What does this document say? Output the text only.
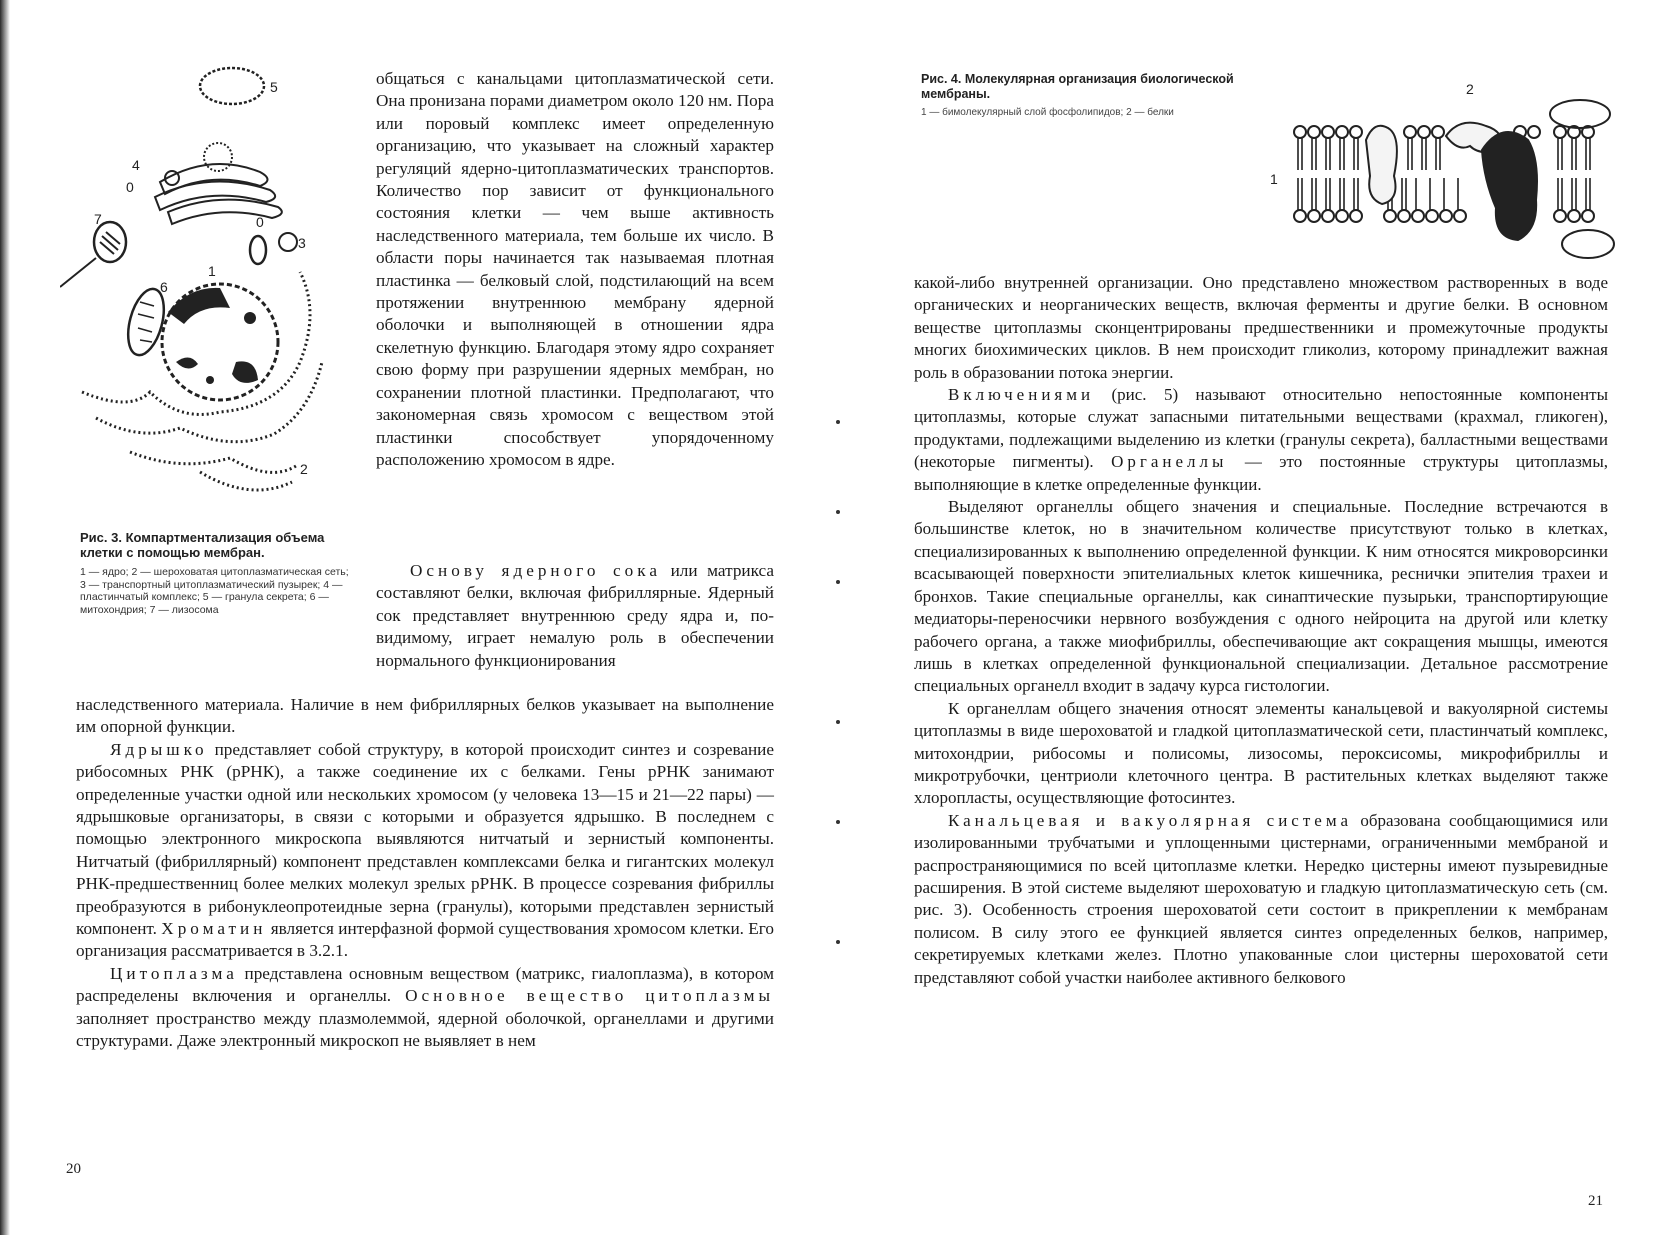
5
4
0
0
7
3
1
6
2
Рис. 3. Компартментализация объема клетки с помощью мембран.
1 — ядро; 2 — шероховатая цитоплазматическая сеть; 3 — транспортный цитоплазматический пузырек; 4 — пластинчатый комплекс; 5 — гранула секрета; 6 — митохондрия; 7 — лизосома

общаться с канальцами цитоплазматической сети. Она пронизана порами диаметром около 120 нм. Пора или поровый комплекс имеет определенную организацию, что указывает на сложный характер регуляций ядерно-цитоплазматических транспортов. Количество пор зависит от функционального состояния клетки — чем выше активность наследственного материала, тем больше их число. В области поры начинается так называемая плотная пластинка — белковый слой, подстилающий на всем протяжении внутреннюю мембрану ядерной оболочки и выполняющей в отношении ядра скелетную функцию. Благодаря этому ядро сохраняет свою форму при разрушении ядерных мембран, но сохранении плотной пластинки. Предполагают, что закономерная связь хромосом с веществом этой пластинки способствует упорядоченному расположению хромосом в ядре.

Основу ядерного сока или матрикса составляют белки, включая фибриллярные. Ядерный сок представляет внутреннюю среду ядра и, по-видимому, играет немалую роль в обеспечении нормального функционирования

наследственного материала. Наличие в нем фибриллярных белков указывает на выполнение им опорной функции.

Ядрышко представляет собой структуру, в которой происходит синтез и созревание рибосомных РНК (рРНК), а также соединение их с белками. Гены рРНК занимают определенные участки одной или нескольких хромосом (у человека 13—15 и 21—22 пары) — ядрышковые организаторы, в связи с которыми и образуется ядрышко. В последнем с помощью электронного микроскопа выявляются нитчатый и зернистый компоненты. Нитчатый (фибриллярный) компонент представлен комплексами белка и гигантских молекул РНК-предшественниц более мелких молекул зрелых рРНК. В процессе созревания фибриллы преобразуются в рибонуклеопротеидные зерна (гранулы), которыми представлен зернистый компонент. Хроматин является интерфазной формой существования хромосом клетки. Его организация рассматривается в 3.2.1.

Цитоплазма представлена основным веществом (матрикс, гиалоплазма), в котором распределены включения и органеллы. Основное вещество цитоплазмы заполняет пространство между плазмолеммой, ядерной оболочкой, органеллами и другими структурами. Даже электронный микроскоп не выявляет в нем

20
Рис. 4. Молекулярная организация биологической мембраны.
1 — бимолекулярный слой фосфолипидов; 2 — белки
2
1

какой-либо внутренней организации. Оно представлено множеством растворенных в воде органических и неорганических веществ, включая ферменты и другие белки. В основном веществе цитоплазмы сконцентрированы предшественники и промежуточные продукты многих биохимических циклов. В нем происходит гликолиз, которому принадлежит важная роль в образовании потока энергии.

Включениями (рис. 5) называют относительно непостоянные компоненты цитоплазмы, которые служат запасными питательными веществами (крахмал, гликоген), продуктами, подлежащими выделению из клетки (гранулы секрета), балластными веществами (некоторые пигменты). Органеллы — это постоянные структуры цитоплазмы, выполняющие в клетке определенные функции.

Выделяют органеллы общего значения и специальные. Последние встречаются в большинстве клеток, но в значительном количестве присутствуют только в клетках, специализированных к выполнению определенной функции. К ним относятся микроворсинки всасывающей поверхности эпителиальных клеток кишечника, реснички эпителия трахеи и бронхов. Такие специальные органеллы, как синаптические пузырьки, транспортирующие медиаторы-переносчики нервного возбуждения с одного нейроцита на другой или клетку рабочего органа, а также миофибриллы, обеспечивающие акт сокращения мышцы, имеются лишь в клетках определенной функциональной специализации. Детальное рассмотрение специальных органелл входит в задачу курса гистологии.

К органеллам общего значения относят элементы канальцевой и вакуолярной системы цитоплазмы в виде шероховатой и гладкой цитоплазматической сети, пластинчатый комплекс, митохондрии, рибосомы и полисомы, лизосомы, пероксисомы, микрофибриллы и микротрубочки, центриоли клеточного центра. В растительных клетках выделяют также хлоропласты, осуществляющие фотосинтез.

Канальцевая и вакуолярная система образована сообщающимися или изолированными трубчатыми и уплощенными цистернами, ограниченными мембраной и распространяющимися по всей цитоплазме клетки. Нередко цистерны имеют пузыревидные расширения. В этой системе выделяют шероховатую и гладкую цитоплазматическую сеть (см. рис. 3). Особенность строения шероховатой сети состоит в прикреплении к мембранам полисом. В силу этого ее функцией является синтез определенных белков, например, секретируемых клетками желез. Плотно упакованные слои цистерны шероховатой сети представляют собой участки наиболее активного белкового

21
